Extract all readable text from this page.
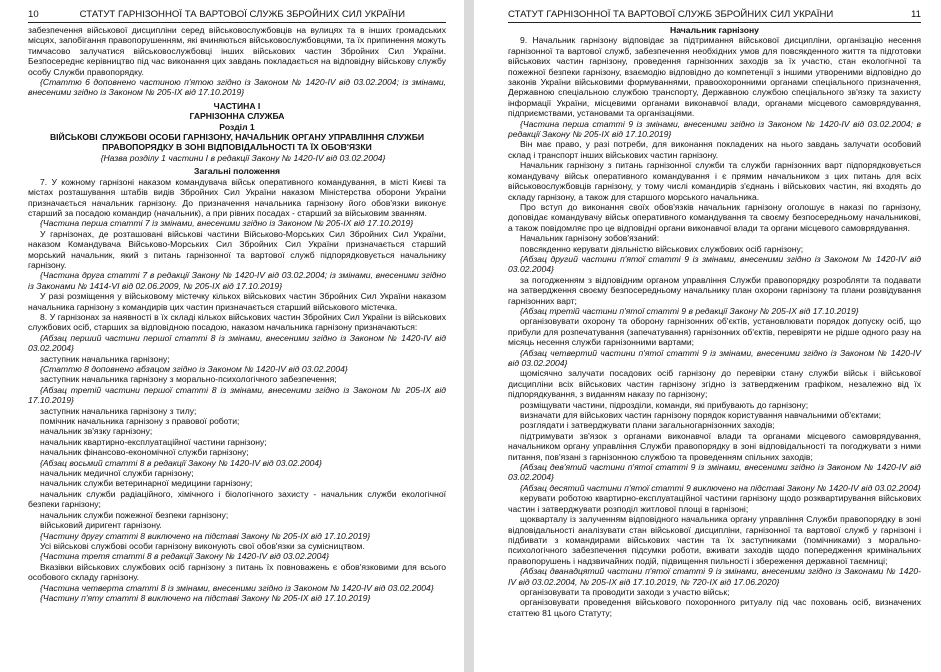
10	СТАТУТ ГАРНІЗОННОЇ ТА ВАРТОВОЇ СЛУЖБ ЗБРОЙНИХ СИЛ УКРАЇНИ

забезпечення військової дисципліни серед військовослужбовців на вулицях та в інших громадських місцях, запобігання правопорушенням, які вчиняються військовослужбовцями, та їх припинення можуть тимчасово залучатися військовослужбовці інших військових частин Збройних Сил України. Безпосереднє керівництво під час виконання цих завдань покладається на відповідну військову службу особу Служби правопорядку.

{Статтю 6 доповнено частиною п'ятою згідно із Законом № 1420-IV від 03.02.2004; із змінами, внесеними згідно із Законом № 205-IX від 17.10.2019}

ЧАСТИНА І

ГАРНІЗОННА СЛУЖБА

Розділ 1

ВІЙСЬКОВІ СЛУЖБОВІ ОСОБИ ГАРНІЗОНУ, НАЧАЛЬНИК ОРГАНУ УПРАВЛІННЯ СЛУЖБИ ПРАВОПОРЯДКУ В ЗОНІ ВІДПОВІДАЛЬНОСТІ ТА ЇХ ОБОВ'ЯЗКИ

{Назва розділу 1 частини І в редакції Закону № 1420-IV від 03.02.2004}

Загальні положення

7. У кожному гарнізоні наказом командувача військ оперативного командування, в місті Києві та містах розташування штабів видів Збройних Сил України наказом Міністерства оборони України призначається начальник гарнізону. До призначення начальника гарнізону його обов'язки виконує старший за посадою командир (начальник), а при рівних посадах - старший за військовим званням.

{Частина перша статті 7 із змінами, внесеними згідно із Законом № 205-IX від 17.10.2019}

У гарнізонах, де розташовані військові частини Військово-Морських Сил Збройних Сил України, наказом Командувача Військово-Морських Сил Збройних Сил України призначається старший морський начальник, який з питань гарнізонної та вартової служб підпорядковується начальнику гарнізону.

{Частина друга статті 7 в редакції Закону № 1420-IV від 03.02.2004; із змінами, внесеними згідно із Законами № 1414-VI від 02.06.2009, № 205-IX від 17.10.2019}

У разі розміщення у військовому містечку кількох військових частин Збройних Сил України наказом начальника гарнізону з командирів цих частин призначається старший військового містечка.

8. У гарнізонах за наявності в їх складі кількох військових частин Збройних Сил України із військових службових осіб, старших за відповідною посадою, наказом начальника гарнізону призначаються:

{Абзац перший частини першої статті 8 із змінами, внесеними згідно із Законом № 1420-IV від 03.02.2004}

заступник начальника гарнізону;

{Статтю 8 доповнено абзацом згідно із Законом № 1420-IV від 03.02.2004}

заступник начальника гарнізону з морально-психологічного забезпечення;

{Абзац третій частини першої статті 8 із змінами, внесеними згідно із Законом № 205-IX від 17.10.2019}

заступник начальника гарнізону з тилу;

помічник начальника гарнізону з правової роботи;

начальник зв'язку гарнізону;

начальник квартирно-експлуатаційної частини гарнізону;

начальник фінансово-економічної служби гарнізону;

{Абзац восьмий статті 8 в редакції Закону № 1420-IV від 03.02.2004}

начальник медичної служби гарнізону;

начальник служби ветеринарної медицини гарнізону;

начальник служби радіаційного, хімічного і біологічного захисту - начальник служби екологічної безпеки гарнізону;

начальник служби пожежної безпеки гарнізону;

військовий диригент гарнізону.

{Частину другу статті 8 виключено на підставі Закону № 205-IX від 17.10.2019}

Усі військові службові особи гарнізону виконують свої обов'язки за сумісництвом.

{Частина третя статті 8 в редакції Закону № 1420-IV від 03.02.2004}

Вказівки військових службових осіб гарнізону з питань їх повноважень є обов'язковими для всього особового складу гарнізону.

{Частина четверта статті 8 із змінами, внесеними згідно із Законом № 1420-IV від 03.02.2004}

{Частину п'яту статті 8 виключено на підставі Закону № 205-IX від 17.10.2019}

СТАТУТ ГАРНІЗОННОЇ ТА ВАРТОВОЇ СЛУЖБ ЗБРОЙНИХ СИЛ УКРАЇНИ	11

Начальник гарнізону

9. Начальник гарнізону відповідає за підтримання військової дисципліни, організацію несення гарнізонної та вартової служб, забезпечення необхідних умов для повсякденного життя та підготовки військових частин гарнізону, проведення гарнізонних заходів за їх участю, стан екологічної та пожежної безпеки гарнізону, взаємодію відповідно до компетенції з іншими утвореними відповідно до законів України військовими формуваннями, правоохоронними органами спеціального призначення, Державною спеціальною службою транспорту, Державною службою спеціального зв'язку та захисту інформації України, місцевими органами виконавчої влади, органами місцевого самоврядування, підприємствами, установами та організаціями.

{Частина перша статті 9 із змінами, внесеними згідно із Законом № 1420-IV від 03.02.2004; в редакції Закону № 205-IX від 17.10.2019}

Він має право, у разі потреби, для виконання покладених на нього завдань залучати особовий склад і транспорт інших військових частин гарнізону.

Начальник гарнізону з питань гарнізонної служби та служби гарнізонних варт підпорядковується командувачу військ оперативного командування і є прямим начальником з цих питань для всіх військовослужбовців гарнізону, у тому числі командирів з'єднань і військових частин, які входять до складу гарнізону, а також для старшого морського начальника.

Про вступ до виконання своїх обов'язків начальник гарнізону оголошує в наказі по гарнізону, доповідає командувачу військ оперативного командування та своєму безпосередньому начальникові, а також повідомляє про це відповідні органи виконавчої влади та органи місцевого самоврядування.

Начальник гарнізону зобов'язаний:

повсякденно керувати діяльністю військових службових осіб гарнізону;

{Абзац другий частини п'ятої статті 9 із змінами, внесеними згідно із Законом № 1420-IV від 03.02.2004}

за погодженням з відповідним органом управління Служби правопорядку розробляти та подавати на затвердження своєму безпосередньому начальнику план охорони гарнізону та плани розвідування гарнізонних варт;

{Абзац третій частини п'ятої статті 9 в редакції Закону № 205-IX від 17.10.2019}

організовувати охорону та оборону гарнізонних об'єктів, установлювати порядок допуску осіб, що прибули для розпечатування (запечатування) гарнізонних об'єктів, перевіряти не рідше одного разу на місяць несення служби гарнізонними вартами;

{Абзац четвертий частини п'ятої статті 9 із змінами, внесеними згідно із Законом № 1420-IV від 03.02.2004}

щомісячно залучати посадових осіб гарнізону до перевірки стану служби військ і військової дисципліни всіх військових частин гарнізону згідно із затвердженим графіком, незалежно від їх підпорядкування, з виданням наказу по гарнізону;

розміщувати частини, підрозділи, команди, які прибувають до гарнізону;

визначати для військових частин гарнізону порядок користування навчальними об'єктами;

розглядати і затверджувати плани загальногарнізонних заходів;

підтримувати зв'язок з органами виконавчої влади та органами місцевого самоврядування, начальником органу управління Служби правопорядку в зоні відповідальності та погоджувати з ними питання, пов'язані з гарнізонною службою та проведенням спільних заходів;

{Абзац дев'ятий частини п'ятої статті 9 із змінами, внесеними згідно із Законом № 1420-IV від 03.02.2004}

{Абзац десятий частини п'ятої статті 9 виключено на підставі Закону № 1420-IV від 03.02.2004}

керувати роботою квартирно-експлуатаційної частини гарнізону щодо розквартирування військових частин і затверджувати розподіл житлової площі в гарнізоні;

щокварталу із залученням відповідного начальника органу управління Служби правопорядку в зоні відповідальності аналізувати стан військової дисципліни, гарнізонної та вартової служб у гарнізоні і підбивати з командирами військових частин та їх заступниками (помічниками) з морально-психологічного забезпечення підсумки роботи, вживати заходів щодо попередження кримінальних правопорушень і надзвичайних подій, підвищення пильності і збереження державної таємниці;

{Абзац дванадцятий частини п'ятої статті 9 із змінами, внесеними згідно із Законами № 1420-IV від 03.02.2004, № 205-IX від 17.10.2019, № 720-IX від 17.06.2020}

організовувати та проводити заходи з участю військ;

організовувати проведення військового похоронного ритуалу під час поховань осіб, визначених статтею 81 цього Статуту;
